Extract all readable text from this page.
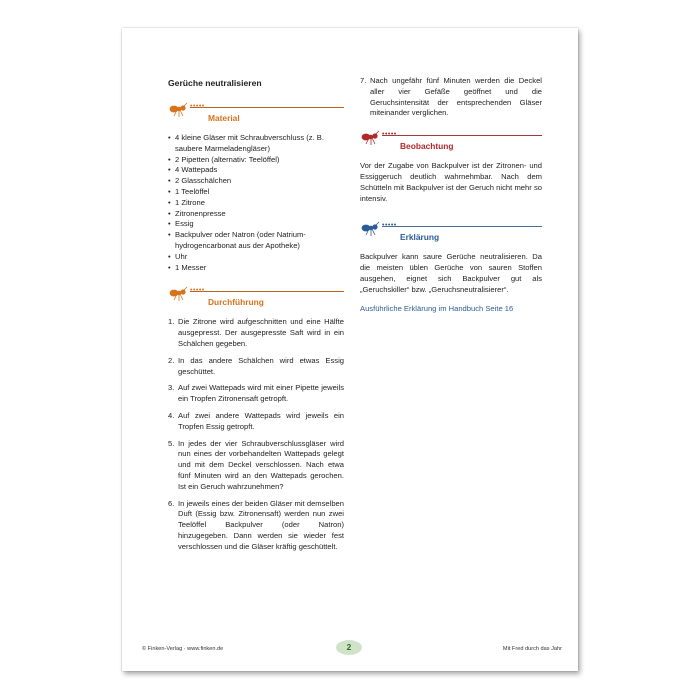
Gerüche neutralisieren
•••••
Material
• 4 kleine Gläser mit Schraubverschluss (z. B. saubere Marmeladengläser)
• 2 Pipetten (alternativ: Teelöffel)
• 4 Wattepads
• 2 Glasschälchen
• 1 Teelöffel
• 1 Zitrone
• Zitronenpresse
• Essig
• Backpulver oder Natron (oder Natrium-hydrogencarbonat aus der Apotheke)
• Uhr
• 1 Messer
•••••
Durchführung
1. Die Zitrone wird aufgeschnitten und eine Hälfte ausgepresst. Der ausgepresste Saft wird in ein Schälchen gegeben.
2. In das andere Schälchen wird etwas Essig geschüttet.
3. Auf zwei Wattepads wird mit einer Pipette jeweils ein Tropfen Zitronensaft getropft.
4. Auf zwei andere Wattepads wird jeweils ein Tropfen Essig getropft.
5. In jedes der vier Schraubverschlussgläser wird nun eines der vorbehandelten Wattepads gelegt und mit dem Deckel verschlossen. Nach etwa fünf Minuten wird an den Wattepads gerochen. Ist ein Geruch wahrzunehmen?
6. In jeweils eines der beiden Gläser mit demselben Duft (Essig bzw. Zitronensaft) werden nun zwei Teelöffel Backpulver (oder Natron) hinzugegeben. Dann werden sie wieder fest verschlossen und die Gläser kräftig geschüttelt.
7. Nach ungefähr fünf Minuten werden die Deckel aller vier Gefäße geöffnet und die Geruchsintensität der entsprechenden Gläser miteinander verglichen.
•••••
Beobachtung

Vor der Zugabe von Backpulver ist der Zitronen- und Essiggeruch deutlich wahrnehmbar. Nach dem Schütteln mit Backpulver ist der Geruch nicht mehr so intensiv.

•••••
Erklärung

Backpulver kann saure Gerüche neutralisieren. Da die meisten üblen Gerüche von sauren Stoffen ausgehen, eignet sich Backpulver gut als „Geruchskiller“ bzw. „Geruchsneutralisierer“.

Ausführliche Erklärung im Handbuch Seite 16
© Finken-Verlag · www.finken.de	2	Mit Fred durch das Jahr
